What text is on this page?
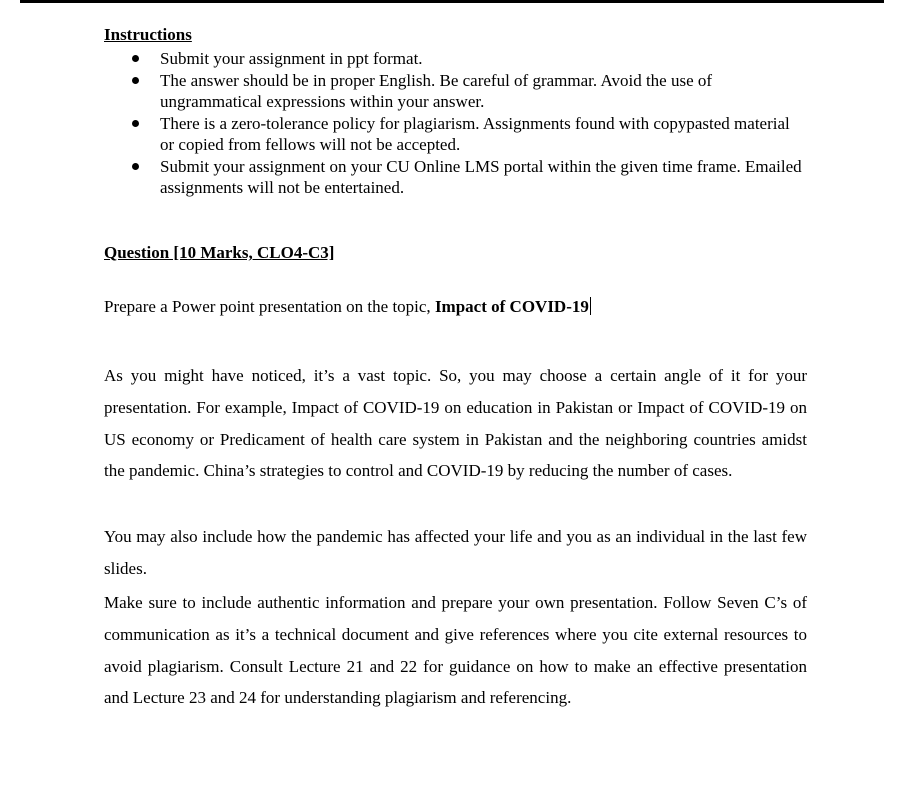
Instructions
Submit your assignment in ppt format.
The answer should be in proper English. Be careful of grammar. Avoid the use of ungrammatical expressions within your answer.
There is a zero-tolerance policy for plagiarism. Assignments found with copypasted material or copied from fellows will not be accepted.
Submit your assignment on your CU Online LMS portal within the given time frame. Emailed assignments will not be entertained.
Question [10 Marks, CLO4-C3]

Prepare a Power point presentation on the topic, Impact of COVID-19

As you might have noticed, it’s a vast topic. So, you may choose a certain angle of it for your presentation. For example, Impact of COVID-19 on education in Pakistan or Impact of COVID-19 on US economy or Predicament of health care system in Pakistan and the neighboring countries amidst the pandemic. China’s strategies to control and COVID-19 by reducing the number of cases.

You may also include how the pandemic has affected your life and you as an individual in the last few slides.

Make sure to include authentic information and prepare your own presentation. Follow Seven C’s of communication as it’s a technical document and give references where you cite external resources to avoid plagiarism. Consult Lecture 21 and 22 for guidance on how to make an effective presentation and Lecture 23 and 24 for understanding plagiarism and referencing.
